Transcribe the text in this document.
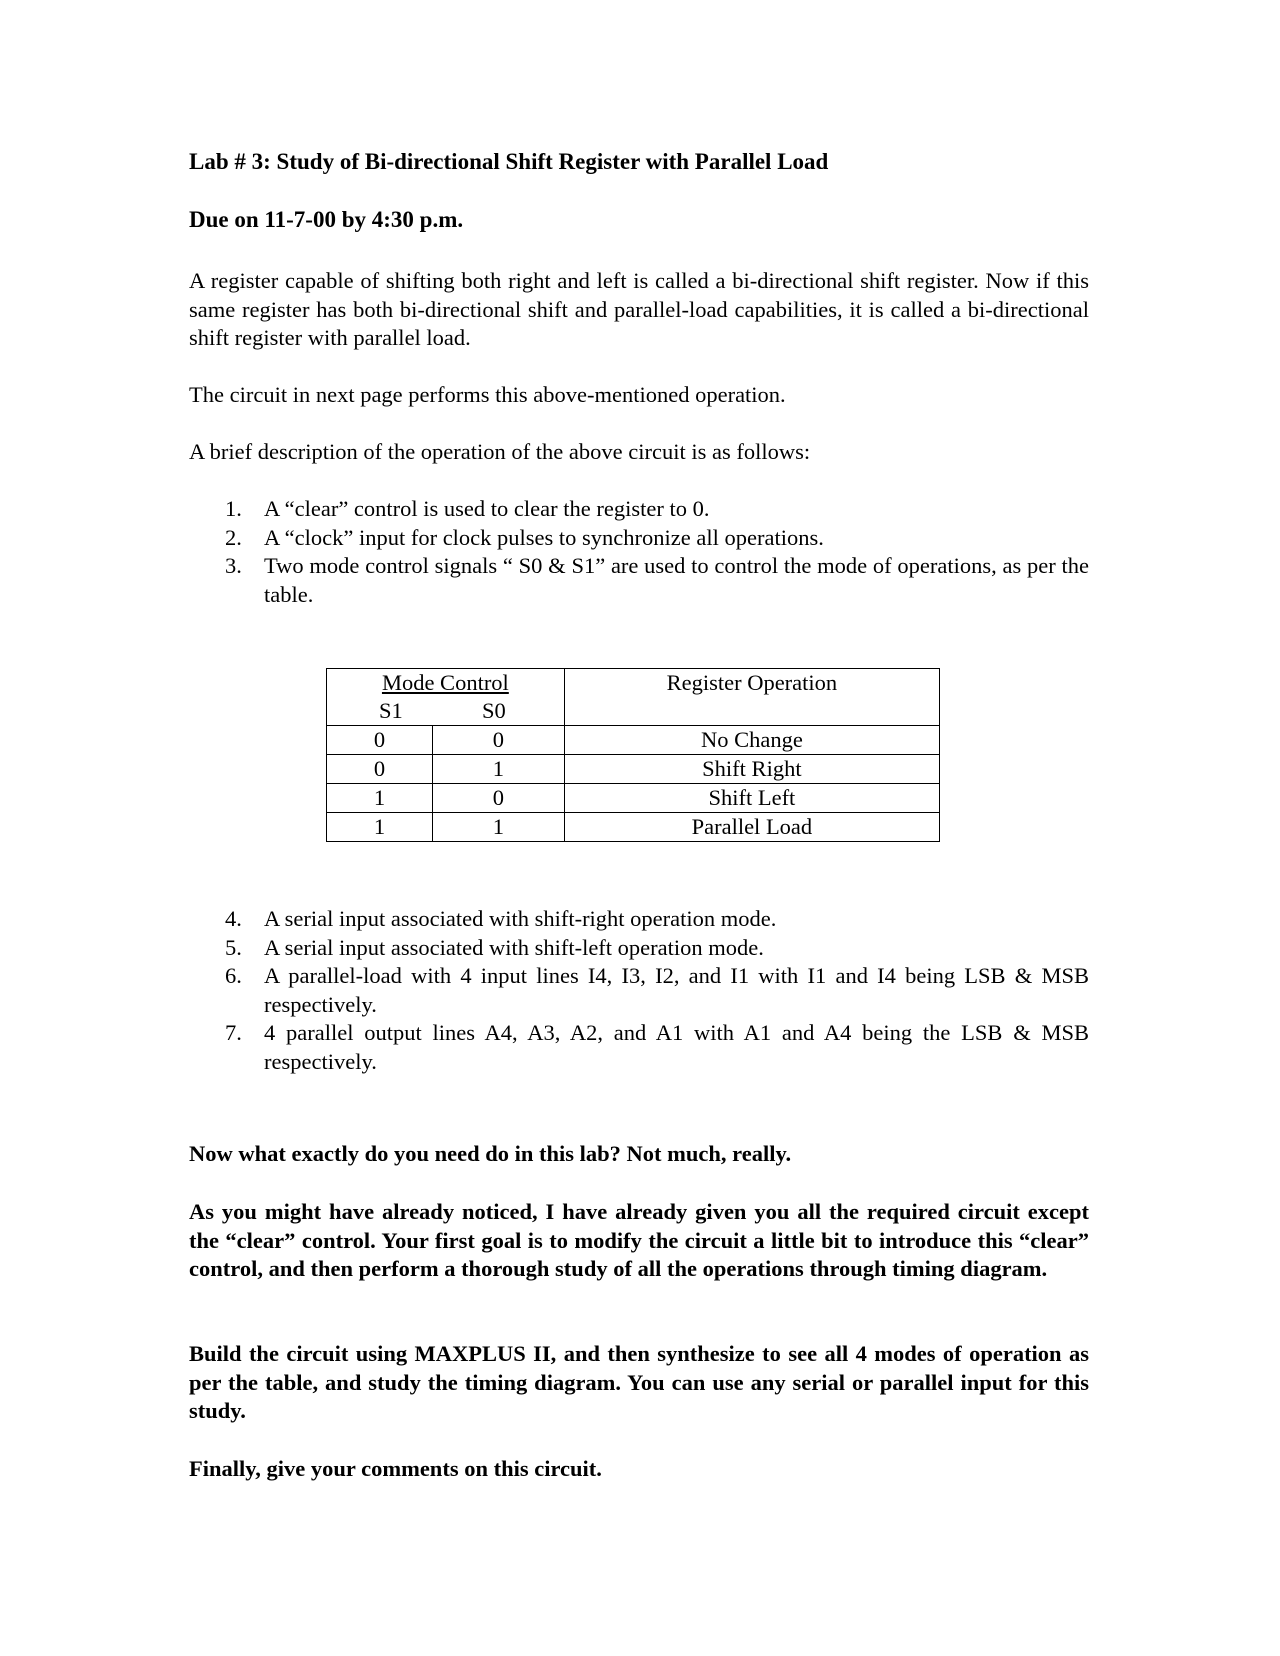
Lab # 3: Study of Bi-directional Shift Register with Parallel Load
Due on 11-7-00 by 4:30 p.m.
A register capable of shifting both right and left is called a bi-directional shift register. Now if this same register has both bi-directional shift and parallel-load capabilities, it is called a bi-directional shift register with parallel load.
The circuit in next page performs this above-mentioned operation.
A brief description of the operation of the above circuit is as follows:
1. A “clear” control is used to clear the register to 0.
2. A “clock” input for clock pulses to synchronize all operations.
3. Two mode control signals “ S0 & S1” are used to control the mode of operations, as per the table.
Mode Control
S1 S0		Register Operation
0	0	No Change
0	1	Shift Right
1	0	Shift Left
1	1	Parallel Load
4. A serial input associated with shift-right operation mode.
5. A serial input associated with shift-left operation mode.
6. A parallel-load with 4 input lines I4, I3, I2, and I1 with I1 and I4 being LSB & MSB respectively.
7. 4 parallel output lines A4, A3, A2, and A1 with A1 and A4 being the LSB & MSB respectively.
Now what exactly do you need do in this lab? Not much, really.
As you might have already noticed, I have already given you all the required circuit except the “clear” control. Your first goal is to modify the circuit a little bit to introduce this “clear” control, and then perform a thorough study of all the operations through timing diagram.
Build the circuit using MAXPLUS II, and then synthesize to see all 4 modes of operation as per the table, and study the timing diagram. You can use any serial or parallel input for this study.
Finally, give your comments on this circuit.
